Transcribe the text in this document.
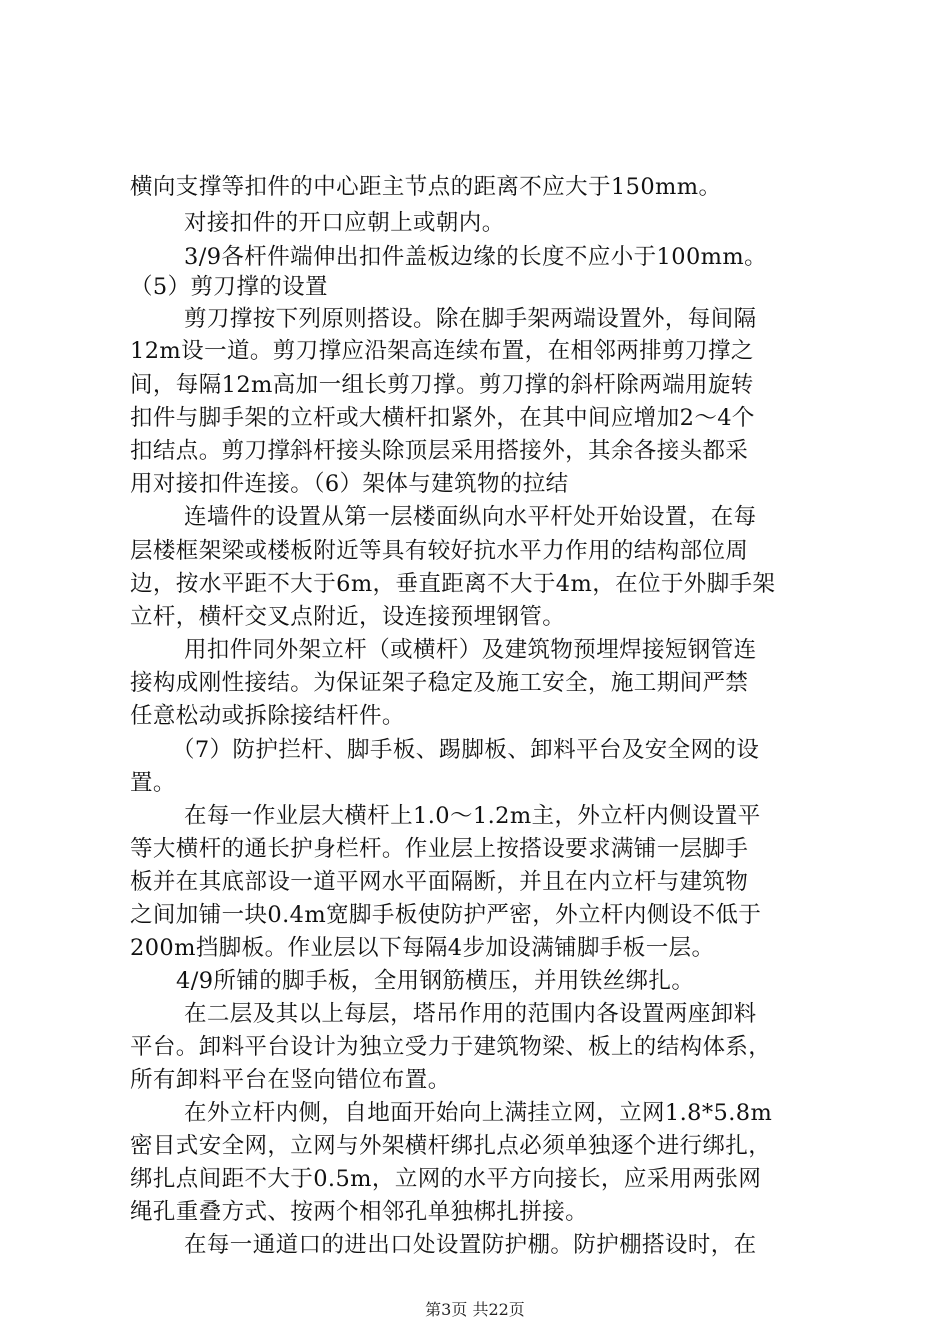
横向支撑等扣件的中心距主节点的距离不应大于150mm。
对接扣件的开口应朝上或朝内。
3/9各杆件端伸出扣件盖板边缘的长度不应小于100mm。
（5）剪刀撑的设置
剪刀撑按下列原则搭设。除在脚手架两端设置外，每间隔
12m设一道。剪刀撑应沿架高连续布置，在相邻两排剪刀撑之
间，每隔12m高加一组长剪刀撑。剪刀撑的斜杆除两端用旋转
扣件与脚手架的立杆或大横杆扣紧外，在其中间应增加2～4个
扣结点。剪刀撑斜杆接头除顶层采用搭接外，其余各接头都采
用对接扣件连接。（6）架体与建筑物的拉结
连墙件的设置从第一层楼面纵向水平杆处开始设置，在每
层楼框架梁或楼板附近等具有较好抗水平力作用的结构部位周
边，按水平距不大于6m，垂直距离不大于4m，在位于外脚手架
立杆，横杆交叉点附近，设连接预埋钢管。
用扣件同外架立杆（或横杆）及建筑物预埋焊接短钢管连
接构成刚性接结。为保证架子稳定及施工安全，施工期间严禁
任意松动或拆除接结杆件。
（7）防护拦杆、脚手板、踢脚板、卸料平台及安全网的设
置。
在每一作业层大横杆上1.0～1.2m主，外立杆内侧设置平
等大横杆的通长护身栏杆。作业层上按搭设要求满铺一层脚手
板并在其底部设一道平网水平面隔断，并且在内立杆与建筑物
之间加铺一块0.4m宽脚手板使防护严密，外立杆内侧设不低于
200m挡脚板。作业层以下每隔4步加设满铺脚手板一层。
4/9所铺的脚手板，全用钢筋横压，并用铁丝绑扎。
在二层及其以上每层，塔吊作用的范围内各设置两座卸料
平台。卸料平台设计为独立受力于建筑物梁、板上的结构体系，
所有卸料平台在竖向错位布置。
在外立杆内侧，自地面开始向上满挂立网，立网1.8*5.8m
密目式安全网，立网与外架横杆绑扎点必须单独逐个进行绑扎，
绑扎点间距不大于0.5m，立网的水平方向接长，应采用两张网
绳孔重叠方式、按两个相邻孔单独梆扎拼接。
在每一通道口的进出口处设置防护棚。防护棚搭设时，在
第3页 共22页
